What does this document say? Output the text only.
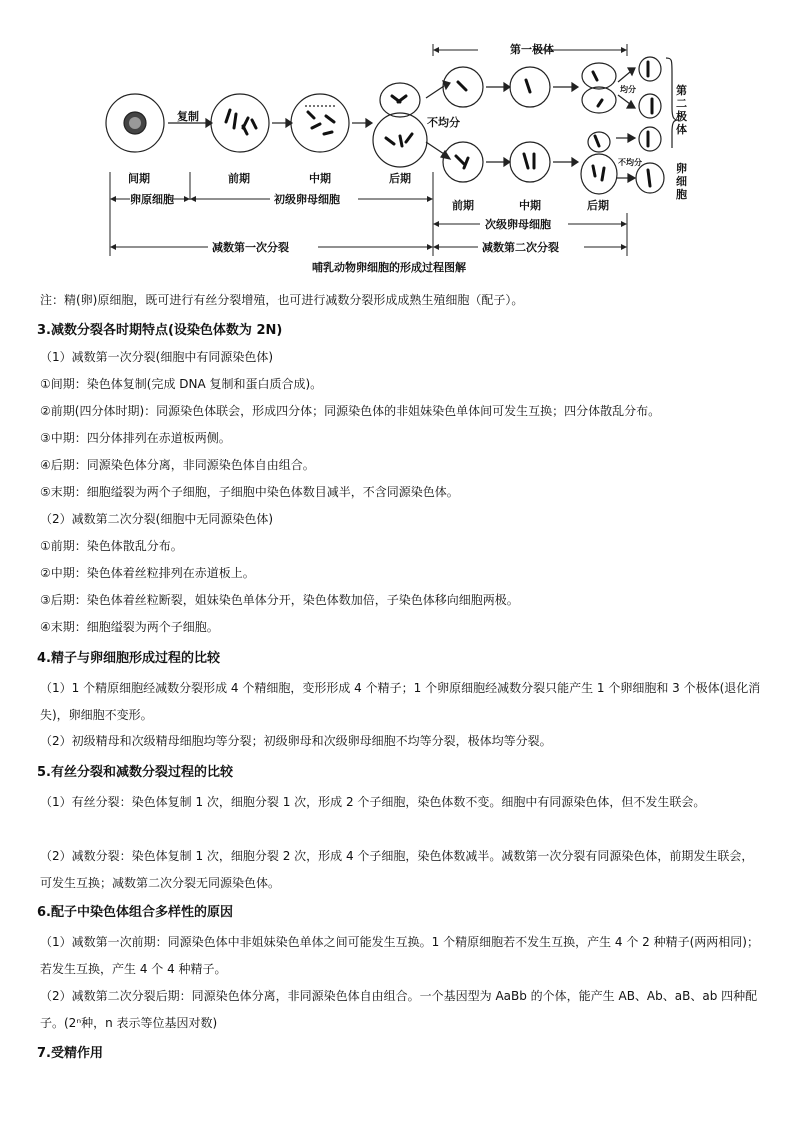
复制	不均分
均分
不均分
第一极体
第二极体
卵细胞
间期	前期	中期	后期
前期	中期	后期
卵原细胞	初级卵母细胞
次级卵母细胞
减数第一次分裂	减数第二次分裂
哺乳动物卵细胞的形成过程图解
注：精(卵)原细胞，既可进行有丝分裂增殖，也可进行减数分裂形成成熟生殖细胞（配子）。
3.减数分裂各时期特点(设染色体数为 2N)
（1）减数第一次分裂(细胞中有同源染色体)
①间期：染色体复制(完成 DNA 复制和蛋白质合成)。
②前期(四分体时期)：同源染色体联会，形成四分体；同源染色体的非姐妹染色单体间可发生互换；四分体散乱分布。
③中期：四分体排列在赤道板两侧。
④后期：同源染色体分离，非同源染色体自由组合。
⑤末期：细胞缢裂为两个子细胞，子细胞中染色体数目减半，不含同源染色体。
（2）减数第二次分裂(细胞中无同源染色体)
①前期：染色体散乱分布。
②中期：染色体着丝粒排列在赤道板上。
③后期：染色体着丝粒断裂，姐妹染色单体分开，染色体数加倍，子染色体移向细胞两极。
④末期：细胞缢裂为两个子细胞。
4.精子与卵细胞形成过程的比较
（1）1 个精原细胞经减数分裂形成 4 个精细胞，变形形成 4 个精子；1 个卵原细胞经减数分裂只能产生 1 个卵细胞和 3 个极体(退化消失)，卵细胞不变形。
（2）初级精母和次级精母细胞均等分裂；初级卵母和次级卵母细胞不均等分裂，极体均等分裂。
5.有丝分裂和减数分裂过程的比较
（1）有丝分裂：染色体复制 1 次，细胞分裂 1 次，形成 2 个子细胞，染色体数不变。细胞中有同源染色体，但不发生联会。
（2）减数分裂：染色体复制 1 次，细胞分裂 2 次，形成 4 个子细胞，染色体数减半。减数第一次分裂有同源染色体，前期发生联会，可发生互换；减数第二次分裂无同源染色体。
6.配子中染色体组合多样性的原因
（1）减数第一次前期：同源染色体中非姐妹染色单体之间可能发生互换。1 个精原细胞若不发生互换，产生 4 个 2 种精子(两两相同)；若发生互换，产生 4 个 4 种精子。
（2）减数第二次分裂后期：同源染色体分离，非同源染色体自由组合。一个基因型为 AaBb 的个体，能产生 AB、Ab、aB、ab 四种配子。(2ⁿ种，n 表示等位基因对数)
7.受精作用
